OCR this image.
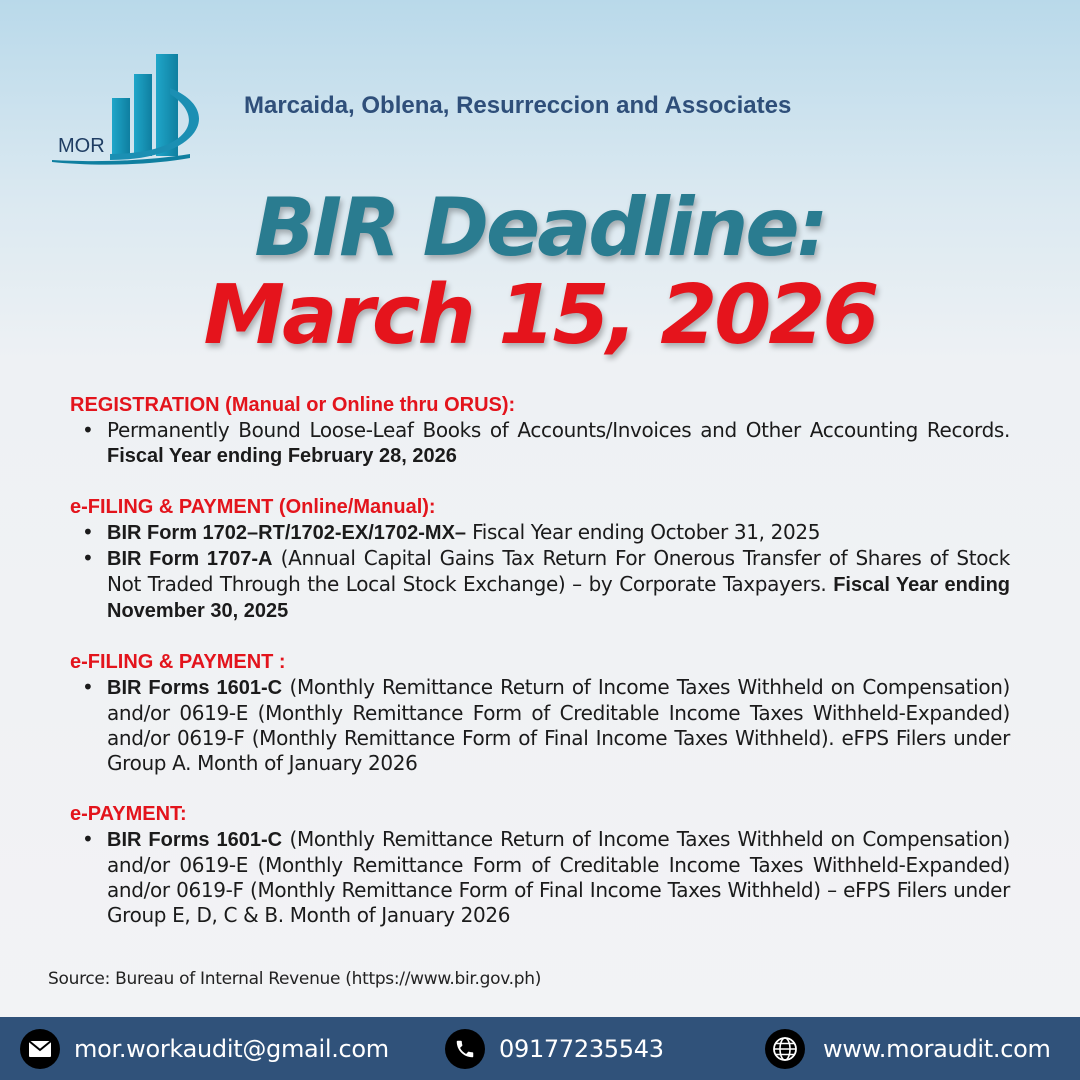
MOR
Marcaida, Oblena, Resurreccion and Associates
BIR Deadline:
March 15, 2026
REGISTRATION (Manual or Online thru ORUS):
• Permanently Bound Loose-Leaf Books of Accounts/Invoices and Other Accounting Records. Fiscal Year ending February 28, 2026
e-FILING & PAYMENT (Online/Manual):
• BIR Form 1702–RT/1702-EX/1702-MX– Fiscal Year ending October 31, 2025
• BIR Form 1707-A (Annual Capital Gains Tax Return For Onerous Transfer of Shares of Stock Not Traded Through the Local Stock Exchange) – by Corporate Taxpayers. Fiscal Year ending November 30, 2025
e-FILING & PAYMENT :
• BIR Forms 1601-C (Monthly Remittance Return of Income Taxes Withheld on Compensation) and/or 0619-E (Monthly Remittance Form of Creditable Income Taxes Withheld-Expanded) and/or 0619-F (Monthly Remittance Form of Final Income Taxes Withheld). eFPS Filers under Group A. Month of January 2026
e-PAYMENT:
• BIR Forms 1601-C (Monthly Remittance Return of Income Taxes Withheld on Compensation) and/or 0619-E (Monthly Remittance Form of Creditable Income Taxes Withheld-Expanded) and/or 0619-F (Monthly Remittance Form of Final Income Taxes Withheld) – eFPS Filers under Group E, D, C & B. Month of January 2026
Source: Bureau of Internal Revenue (https://www.bir.gov.ph)
mor.workaudit@gmail.com	09177235543	www.moraudit.com
